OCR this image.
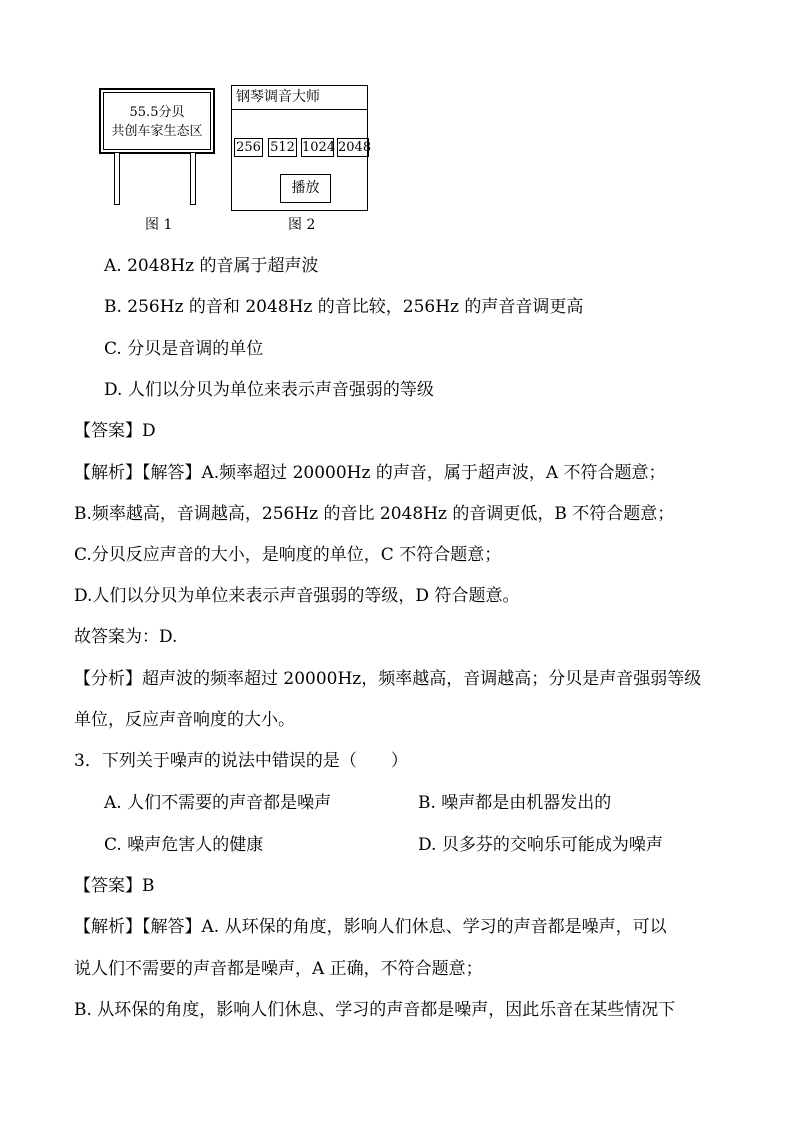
55.5分贝
共创车家生态区
图 1
钢琴调音大师
256 512 1024 2048
播放
图 2
A. 2048Hz 的音属于超声波
B. 256Hz 的音和 2048Hz 的音比较，256Hz 的声音音调更高
C. 分贝是音调的单位
D. 人们以分贝为单位来表示声音强弱的等级
【答案】D
【解析】【解答】A.频率超过 20000Hz 的声音，属于超声波，A 不符合题意；
B.频率越高，音调越高，256Hz 的音比 2048Hz 的音调更低，B 不符合题意；
C.分贝反应声音的大小，是响度的单位，C 不符合题意；
D.人们以分贝为单位来表示声音强弱的等级，D 符合题意。
故答案为：D.
【分析】超声波的频率超过 20000Hz，频率越高，音调越高；分贝是声音强弱等级
单位，反应声音响度的大小。
3．下列关于噪声的说法中错误的是（　　）
A. 人们不需要的声音都是噪声	B. 噪声都是由机器发出的
C. 噪声危害人的健康	D. 贝多芬的交响乐可能成为噪声
【答案】B
【解析】【解答】A. 从环保的角度，影响人们休息、学习的声音都是噪声，可以
说人们不需要的声音都是噪声，A 正确，不符合题意；
B. 从环保的角度，影响人们休息、学习的声音都是噪声，因此乐音在某些情况下
